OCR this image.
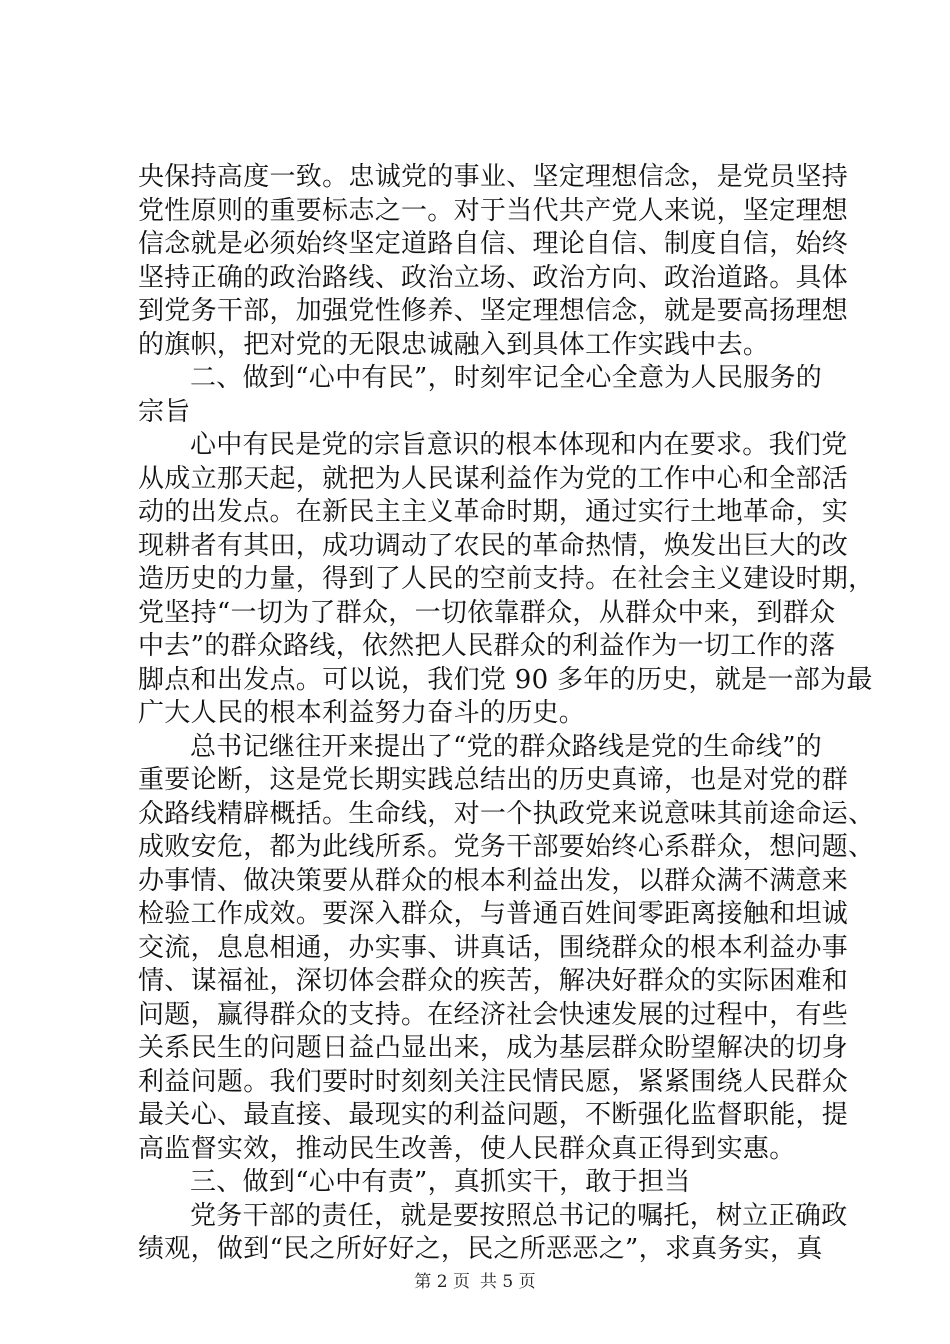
央保持高度一致。忠诚党的事业、坚定理想信念，是党员坚持
党性原则的重要标志之一。对于当代共产党人来说，坚定理想
信念就是必须始终坚定道路自信、理论自信、制度自信，始终
坚持正确的政治路线、政治立场、政治方向、政治道路。具体
到党务干部，加强党性修养、坚定理想信念，就是要高扬理想
的旗帜，把对党的无限忠诚融入到具体工作实践中去。
二、做到“心中有民”，时刻牢记全心全意为人民服务的
宗旨
心中有民是党的宗旨意识的根本体现和内在要求。我们党
从成立那天起，就把为人民谋利益作为党的工作中心和全部活
动的出发点。在新民主主义革命时期，通过实行土地革命，实
现耕者有其田，成功调动了农民的革命热情，焕发出巨大的改
造历史的力量，得到了人民的空前支持。在社会主义建设时期，
党坚持“一切为了群众，一切依靠群众，从群众中来，到群众
中去”的群众路线，依然把人民群众的利益作为一切工作的落
脚点和出发点。可以说，我们党 90 多年的历史，就是一部为最
广大人民的根本利益努力奋斗的历史。
总书记继往开来提出了“党的群众路线是党的生命线”的
重要论断，这是党长期实践总结出的历史真谛，也是对党的群
众路线精辟概括。生命线，对一个执政党来说意味其前途命运、
成败安危，都为此线所系。党务干部要始终心系群众，想问题、
办事情、做决策要从群众的根本利益出发，以群众满不满意来
检验工作成效。要深入群众，与普通百姓间零距离接触和坦诚
交流，息息相通，办实事、讲真话，围绕群众的根本利益办事
情、谋福祉，深切体会群众的疾苦，解决好群众的实际困难和
问题，赢得群众的支持。在经济社会快速发展的过程中，有些
关系民生的问题日益凸显出来，成为基层群众盼望解决的切身
利益问题。我们要时时刻刻关注民情民愿，紧紧围绕人民群众
最关心、最直接、最现实的利益问题，不断强化监督职能，提
高监督实效，推动民生改善，使人民群众真正得到实惠。
三、做到“心中有责”，真抓实干，敢于担当
党务干部的责任，就是要按照总书记的嘱托，树立正确政
绩观，做到“民之所好好之，民之所恶恶之”，求真务实，真
第 2 页 共 5 页
